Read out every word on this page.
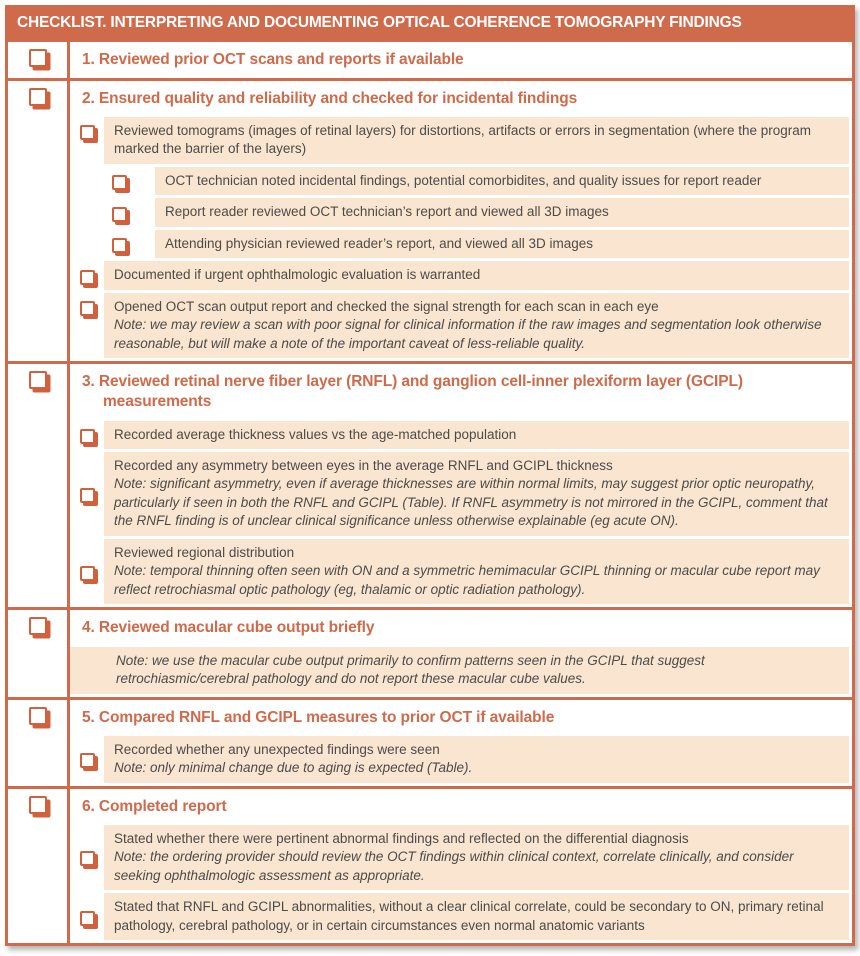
CHECKLIST. INTERPRETING AND DOCUMENTING OPTICAL COHERENCE TOMOGRAPHY FINDINGS
1. Reviewed prior OCT scans and reports if available
2. Ensured quality and reliability and checked for incidental findings
Reviewed tomograms (images of retinal layers) for distortions, artifacts or errors in segmentation (where the program marked the barrier of the layers)
OCT technician noted incidental findings, potential comorbidites, and quality issues for report reader
Report reader reviewed OCT technician’s report and viewed all 3D images
Attending physician reviewed reader’s report, and viewed all 3D images
Documented if urgent ophthalmologic evaluation is warranted
Opened OCT scan output report and checked the signal strength for each scan in each eye
Note: we may review a scan with poor signal for clinical information if the raw images and segmentation look otherwise reasonable, but will make a note of the important caveat of less-reliable quality.
3. Reviewed retinal nerve fiber layer (RNFL) and ganglion cell-inner plexiform layer (GCIPL) measurements
Recorded average thickness values vs the age-matched population
Recorded any asymmetry between eyes in the average RNFL and GCIPL thickness
Note: significant asymmetry, even if average thicknesses are within normal limits, may suggest prior optic neuropathy, particularly if seen in both the RNFL and GCIPL (Table). If RNFL asymmetry is not mirrored in the GCIPL, comment that the RNFL finding is of unclear clinical significance unless otherwise explainable (eg acute ON).
Reviewed regional distribution
Note: temporal thinning often seen with ON and a symmetric hemimacular GCIPL thinning or macular cube report may reflect retrochiasmal optic pathology (eg, thalamic or optic radiation pathology).
4. Reviewed macular cube output briefly
Note: we use the macular cube output primarily to confirm patterns seen in the GCIPL that suggest retrochiasmic/cerebral pathology and do not report these macular cube values.
5. Compared RNFL and GCIPL measures to prior OCT if available
Recorded whether any unexpected findings were seen
Note: only minimal change due to aging is expected (Table).
6. Completed report
Stated whether there were pertinent abnormal findings and reflected on the differential diagnosis
Note: the ordering provider should review the OCT findings within clinical context, correlate clinically, and consider seeking ophthalmologic assessment as appropriate.
Stated that RNFL and GCIPL abnormalities, without a clear clinical correlate, could be secondary to ON, primary retinal pathology, cerebral pathology, or in certain circumstances even normal anatomic variants
